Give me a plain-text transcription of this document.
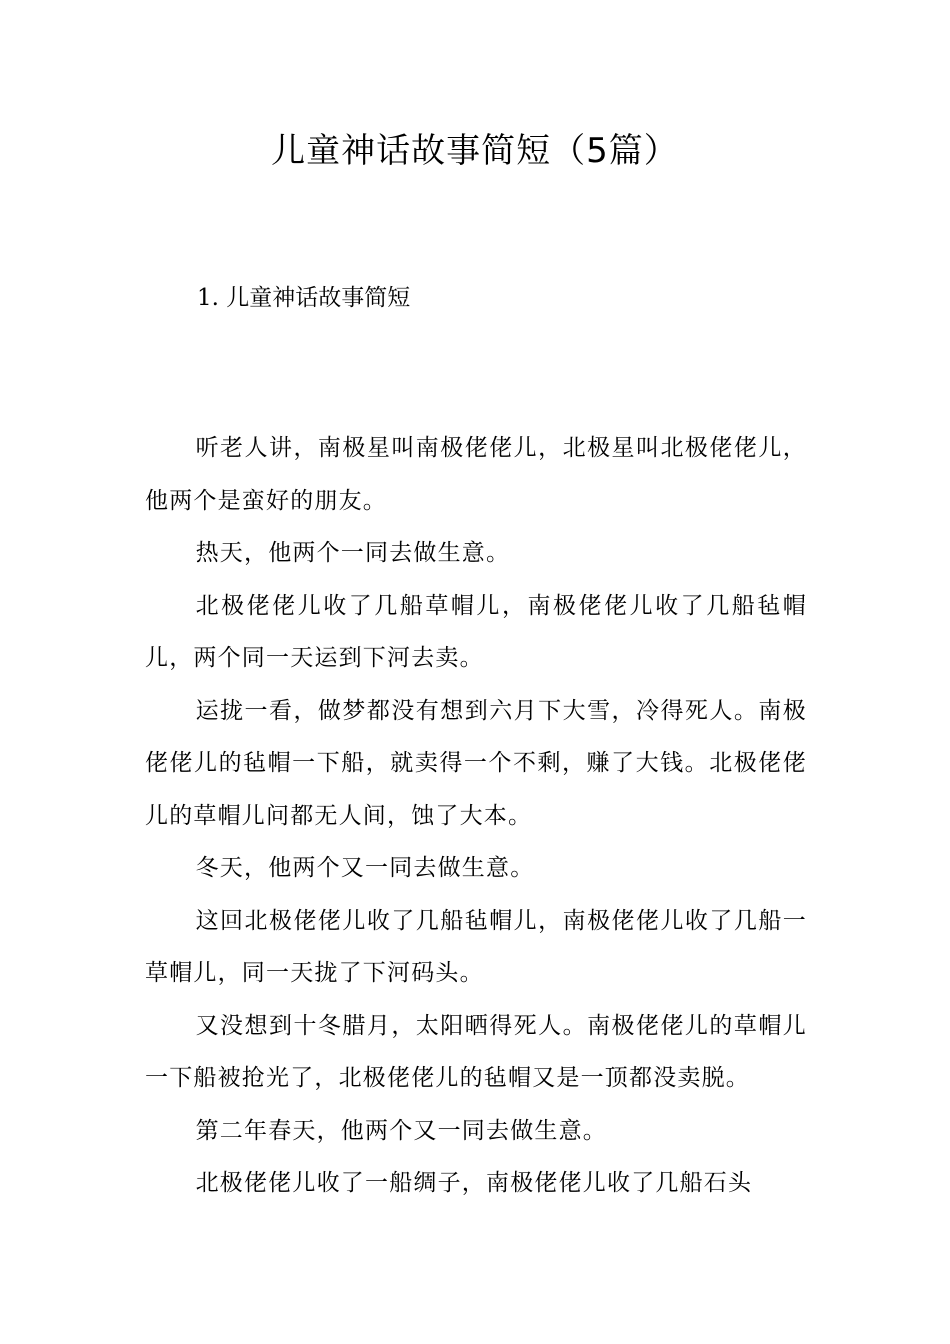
儿童神话故事简短（5篇）
1. 儿童神话故事简短

听老人讲，南极星叫南极佬佬儿，北极星叫北极佬佬儿，他两个是蛮好的朋友。

热天，他两个一同去做生意。

北极佬佬儿收了几船草帽儿，南极佬佬儿收了几船毡帽儿，两个同一天运到下河去卖。

运拢一看，做梦都没有想到六月下大雪，冷得死人。南极佬佬儿的毡帽一下船，就卖得一个不剩，赚了大钱。北极佬佬儿的草帽儿问都无人间，蚀了大本。

冬天，他两个又一同去做生意。

这回北极佬佬儿收了几船毡帽儿，南极佬佬儿收了几船一草帽儿，同一天拢了下河码头。

又没想到十冬腊月，太阳晒得死人。南极佬佬儿的草帽儿一下船被抢光了，北极佬佬儿的毡帽又是一顶都没卖脱。

第二年春天，他两个又一同去做生意。

北极佬佬儿收了一船绸子，南极佬佬儿收了几船石头
